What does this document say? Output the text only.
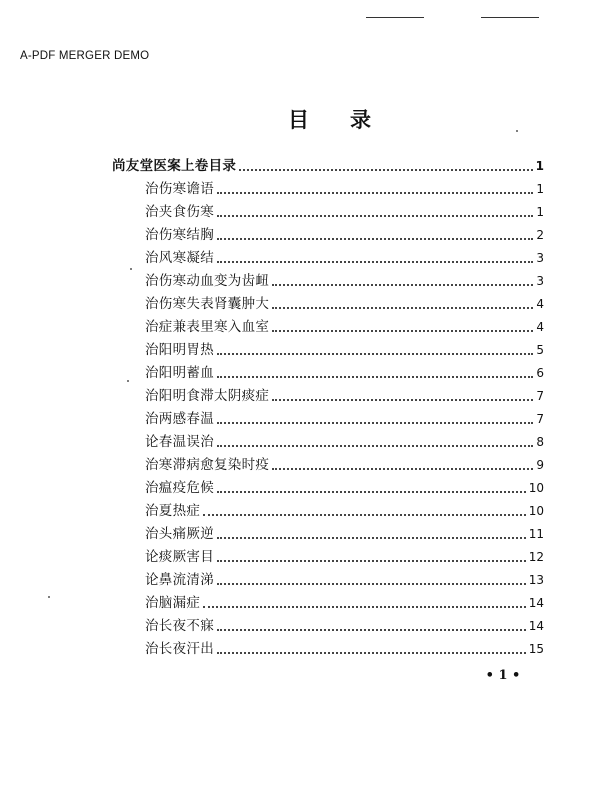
A-PDF MERGER DEMO
目 录
尚友堂医案上卷目录	1
治伤寒谵语	1
治夹食伤寒	1
治伤寒结胸	2
治风寒凝结	3
治伤寒动血变为齿衄	3
治伤寒失表肾囊肿大	4
治症兼表里寒入血室	4
治阳明胃热	5
治阳明蓄血	6
治阳明食滞太阴痰症	7
治两感春温	7
论春温误治	8
治寒滞病愈复染时疫	9
治瘟疫危候	10
治夏热症	10
治头痛厥逆	11
论痰厥害目	12
论鼻流清涕	13
治脑漏症	14
治长夜不寐	14
治长夜汗出	15
• 1 •
